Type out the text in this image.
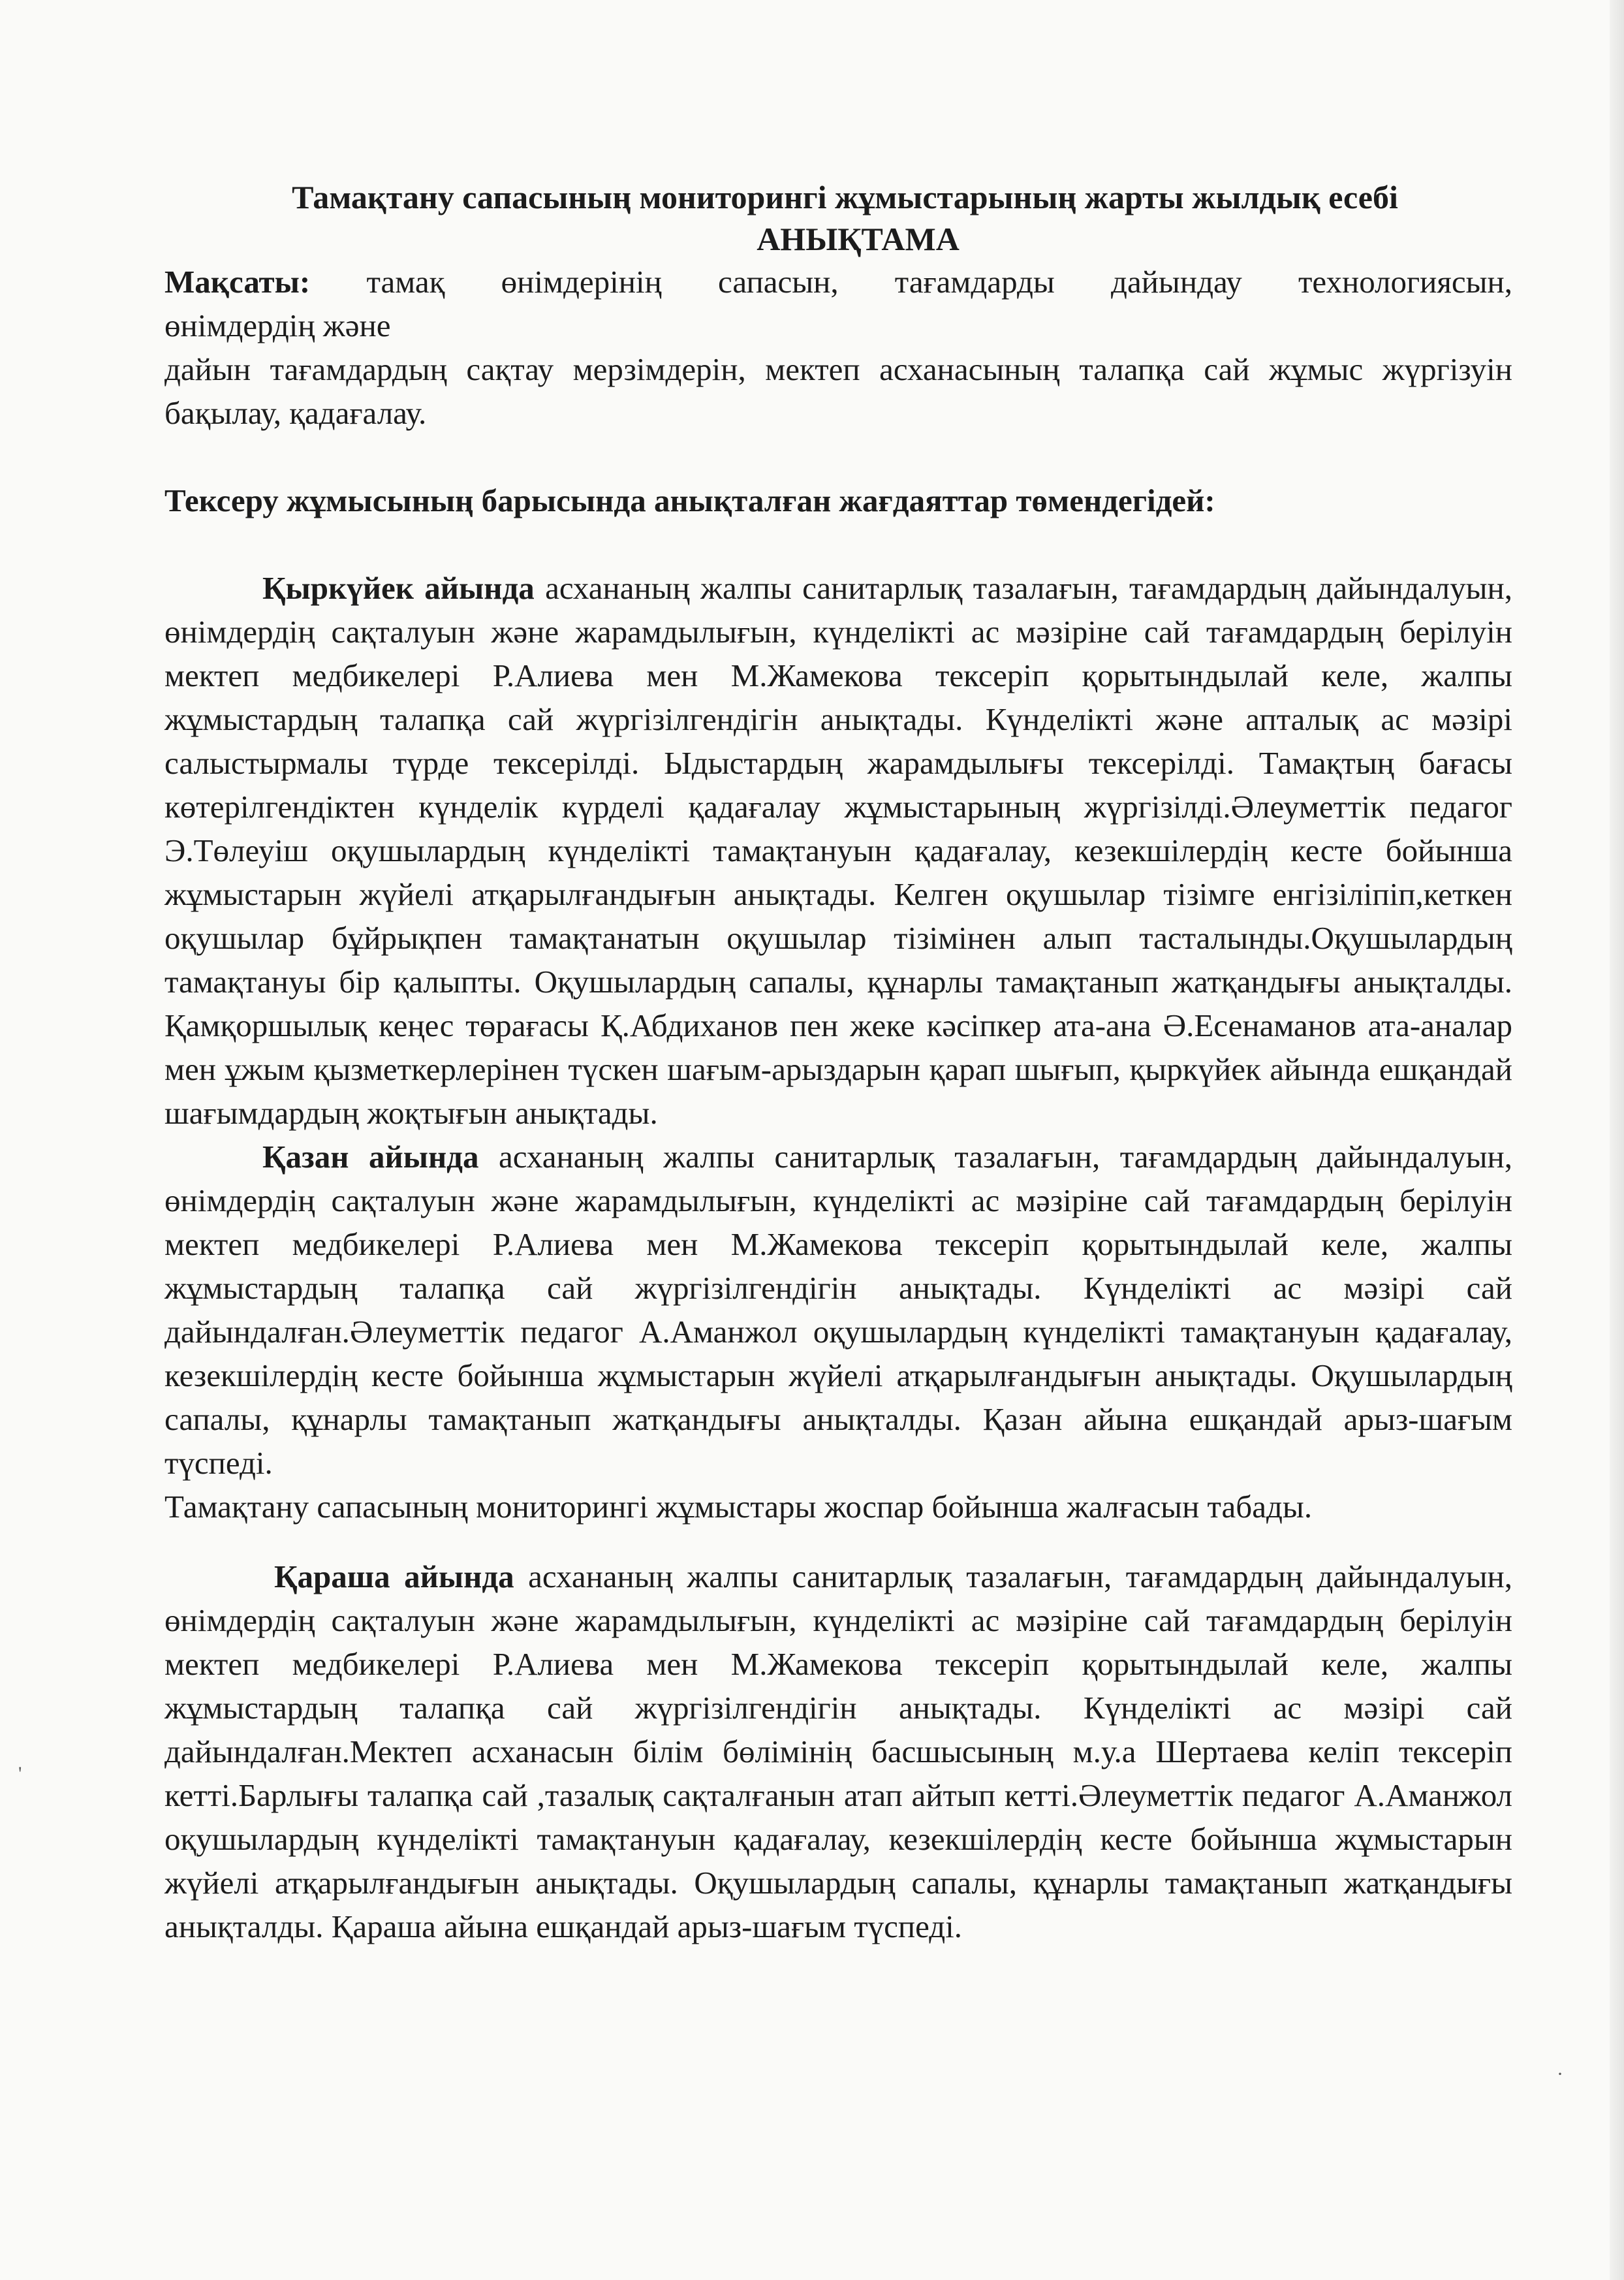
Тамақтану сапасының мониторингі жұмыстарының жарты жылдық есебі
АНЫҚТАМА

Мақсаты: тамақ өнімдерінің сапасын, тағамдарды дайындау технологиясын,

өнімдердің және

дайын тағамдардың сақтау мерзімдерін, мектеп асханасының талапқа сай жұмыс жүргізуін бақылау, қадағалау.

Тексеру жұмысының барысында анықталған жағдаяттар төмендегідей:

Қыркүйек айында асхананың жалпы санитарлық тазалағын, тағамдардың дайындалуын, өнімдердің сақталуын және жарамдылығын, күнделікті ас мәзіріне сай тағамдардың берілуін мектеп медбикелері Р.Алиева мен М.Жамекова тексеріп қорытындылай келе, жалпы жұмыстардың талапқа сай жүргізілгендігін анықтады. Күнделікті және апталық ас мәзірі салыстырмалы түрде тексерілді. Ыдыстардың жарамдылығы тексерілді. Тамақтың бағасы көтерілгендіктен күнделік күрделі қадағалау жұмыстарының жүргізілді.Әлеуметтік педагог Э.Төлеуіш оқушылардың күнделікті тамақтануын қадағалау, кезекшілердің кесте бойынша жұмыстарын жүйелі атқарылғандығын анықтады. Келген оқушылар тізімге енгізіліпіп,кеткен оқушылар бұйрықпен тамақтанатын оқушылар тізімінен алып тасталынды.Оқушылардың тамақтануы бір қалыпты. Оқушылардың сапалы, құнарлы тамақтанып жатқандығы анықталды. Қамқоршылық кеңес төрағасы Қ.Абдиханов пен жеке кәсіпкер ата-ана Ә.Есенаманов ата-аналар мен ұжым қызметкерлерінен түскен шағым-арыздарын қарап шығып, қыркүйек айында ешқандай шағымдардың жоқтығын анықтады.

Қазан айында асхананың жалпы санитарлық тазалағын, тағамдардың дайындалуын, өнімдердің сақталуын және жарамдылығын, күнделікті ас мәзіріне сай тағамдардың берілуін мектеп медбикелері Р.Алиева мен М.Жамекова тексеріп қорытындылай келе, жалпы жұмыстардың талапқа сай жүргізілгендігін анықтады. Күнделікті ас мәзірі сай дайындалған.Әлеуметтік педагог А.Аманжол оқушылардың күнделікті тамақтануын қадағалау, кезекшілердің кесте бойынша жұмыстарын жүйелі атқарылғандығын анықтады. Оқушылардың сапалы, құнарлы тамақтанып жатқандығы анықталды. Қазан айына ешқандай арыз-шағым түспеді.

Тамақтану сапасының мониторингі жұмыстары жоспар бойынша жалғасын табады.

Қараша айында асхананың жалпы санитарлық тазалағын, тағамдардың дайындалуын, өнімдердің сақталуын және жарамдылығын, күнделікті ас мәзіріне сай тағамдардың берілуін мектеп медбикелері Р.Алиева мен М.Жамекова тексеріп қорытындылай келе, жалпы жұмыстардың талапқа сай жүргізілгендігін анықтады. Күнделікті ас мәзірі сай дайындалған.Мектеп асханасын білім бөлімінің басшысының м.у.а Шертаева келіп тексеріп кетті.Барлығы талапқа сай ,тазалық сақталғанын атап айтып кетті.Әлеуметтік педагог А.Аманжол оқушылардың күнделікті тамақтануын қадағалау, кезекшілердің кесте бойынша жұмыстарын жүйелі атқарылғандығын анықтады. Оқушылардың сапалы, құнарлы тамақтанып жатқандығы анықталды. Қараша айына ешқандай арыз-шағым түспеді.

'
·
